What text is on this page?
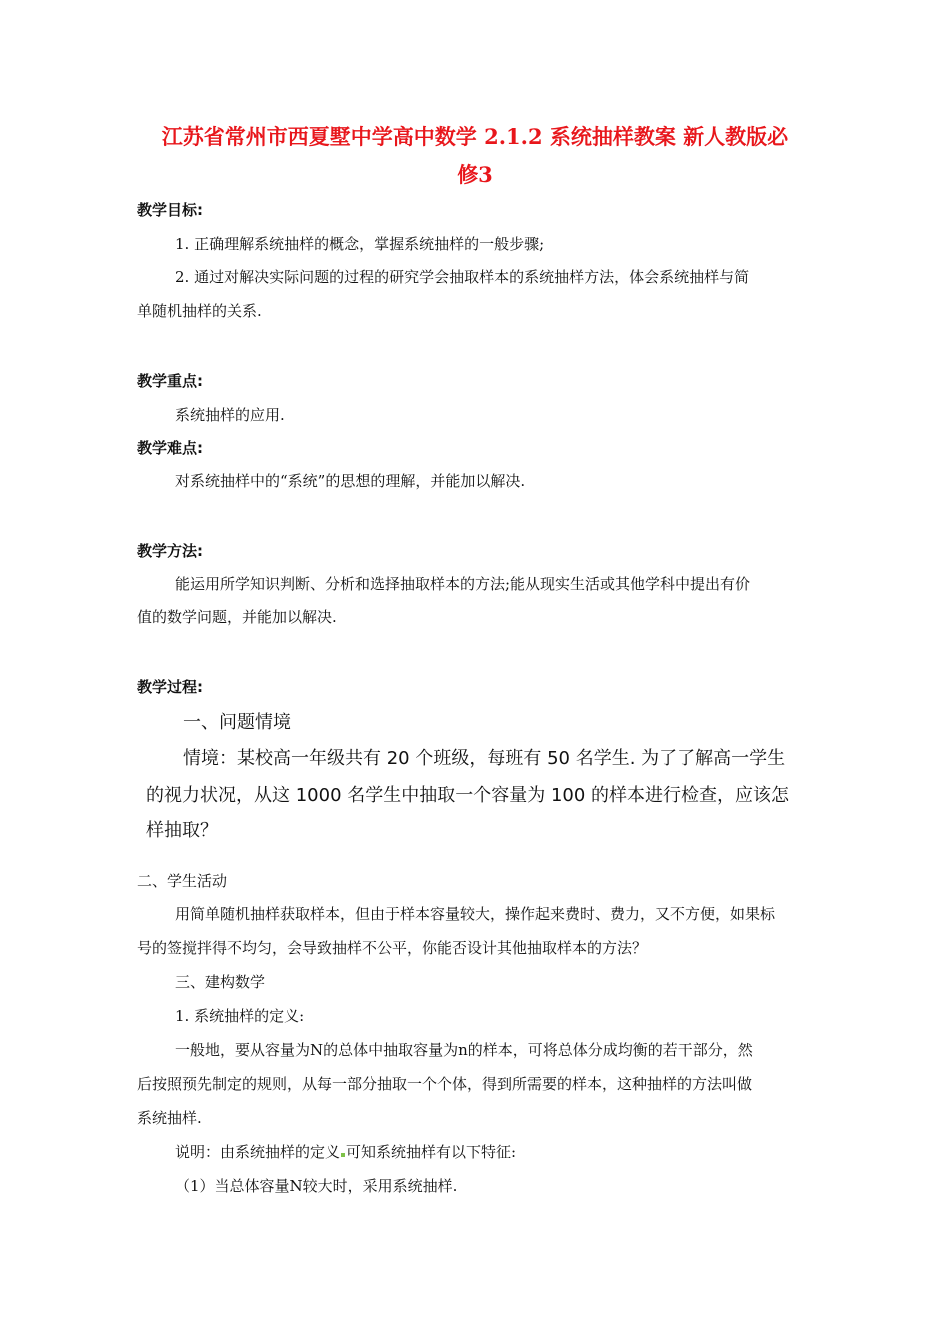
江苏省常州市西夏墅中学高中数学 2.1.2 系统抽样教案 新人教版必
修3
教学目标:
1. 正确理解系统抽样的概念，掌握系统抽样的一般步骤;
2. 通过对解决实际问题的过程的研究学会抽取样本的系统抽样方法，体会系统抽样与简
单随机抽样的关系.
教学重点:
系统抽样的应用.
教学难点:
对系统抽样中的“系统”的思想的理解，并能加以解决.
教学方法:
能运用所学知识判断、分析和选择抽取样本的方法;能从现实生活或其他学科中提出有价
值的数学问题，并能加以解决.
教学过程:
一、问题情境
情境：某校高一年级共有 20 个班级，每班有 50 名学生. 为了了解高一学生
的视力状况，从这 1000 名学生中抽取一个容量为 100 的样本进行检查，应该怎
样抽取？
二、学生活动
用简单随机抽样获取样本，但由于样本容量较大，操作起来费时、费力，又不方便，如果标
号的签搅拌得不均匀，会导致抽样不公平，你能否设计其他抽取样本的方法？
三、建构数学
1. 系统抽样的定义:
一般地，要从容量为N的总体中抽取容量为n的样本，可将总体分成均衡的若干部分，然
后按照预先制定的规则，从每一部分抽取一个个体，得到所需要的样本，这种抽样的方法叫做
系统抽样.
说明：由系统抽样的定义 可知系统抽样有以下特征:
（1）当总体容量N较大时，采用系统抽样.
